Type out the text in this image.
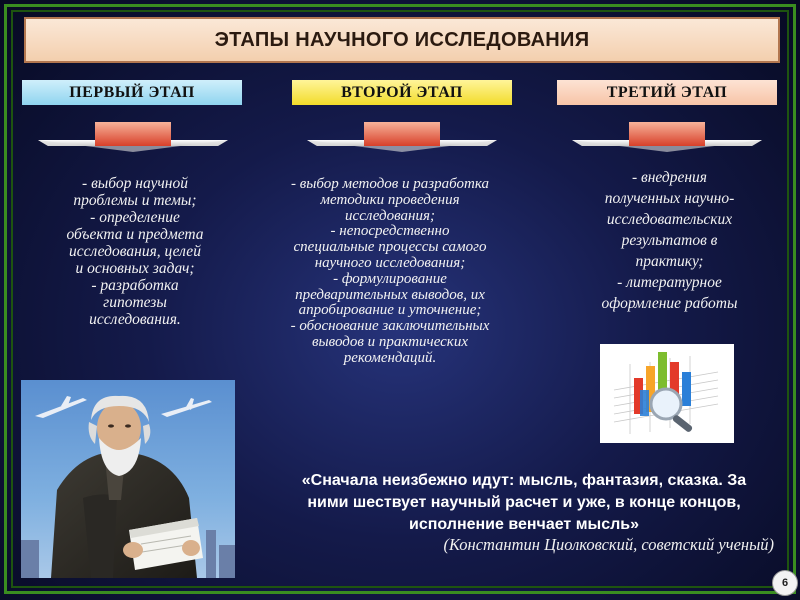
ЭТАПЫ НАУЧНОГО ИССЛЕДОВАНИЯ
ПЕРВЫЙ ЭТАП	ВТОРОЙ ЭТАП	ТРЕТИЙ ЭТАП

- выбор научной
проблемы и темы;
- определение
объекта и предмета
исследования, целей
и основных задач;
- разработка
гипотезы
исследования.

- выбор методов и разработка
методики проведения
исследования;
- непосредственно
специальные процессы самого
научного исследования;
- формулирование
предварительных выводов, их
апробирование и уточнение;
- обоснование заключительных
выводов и практических
рекомендаций.

- внедрения
полученных научно-
исследовательских
результатов в
практику;
- литературное
оформление работы

«Сначала неизбежно идут: мысль, фантазия, сказка. За
ними шествует научный расчет и уже, в конце концов,
исполнение венчает мысль»

(Константин Циолковский, советский ученый)
6
